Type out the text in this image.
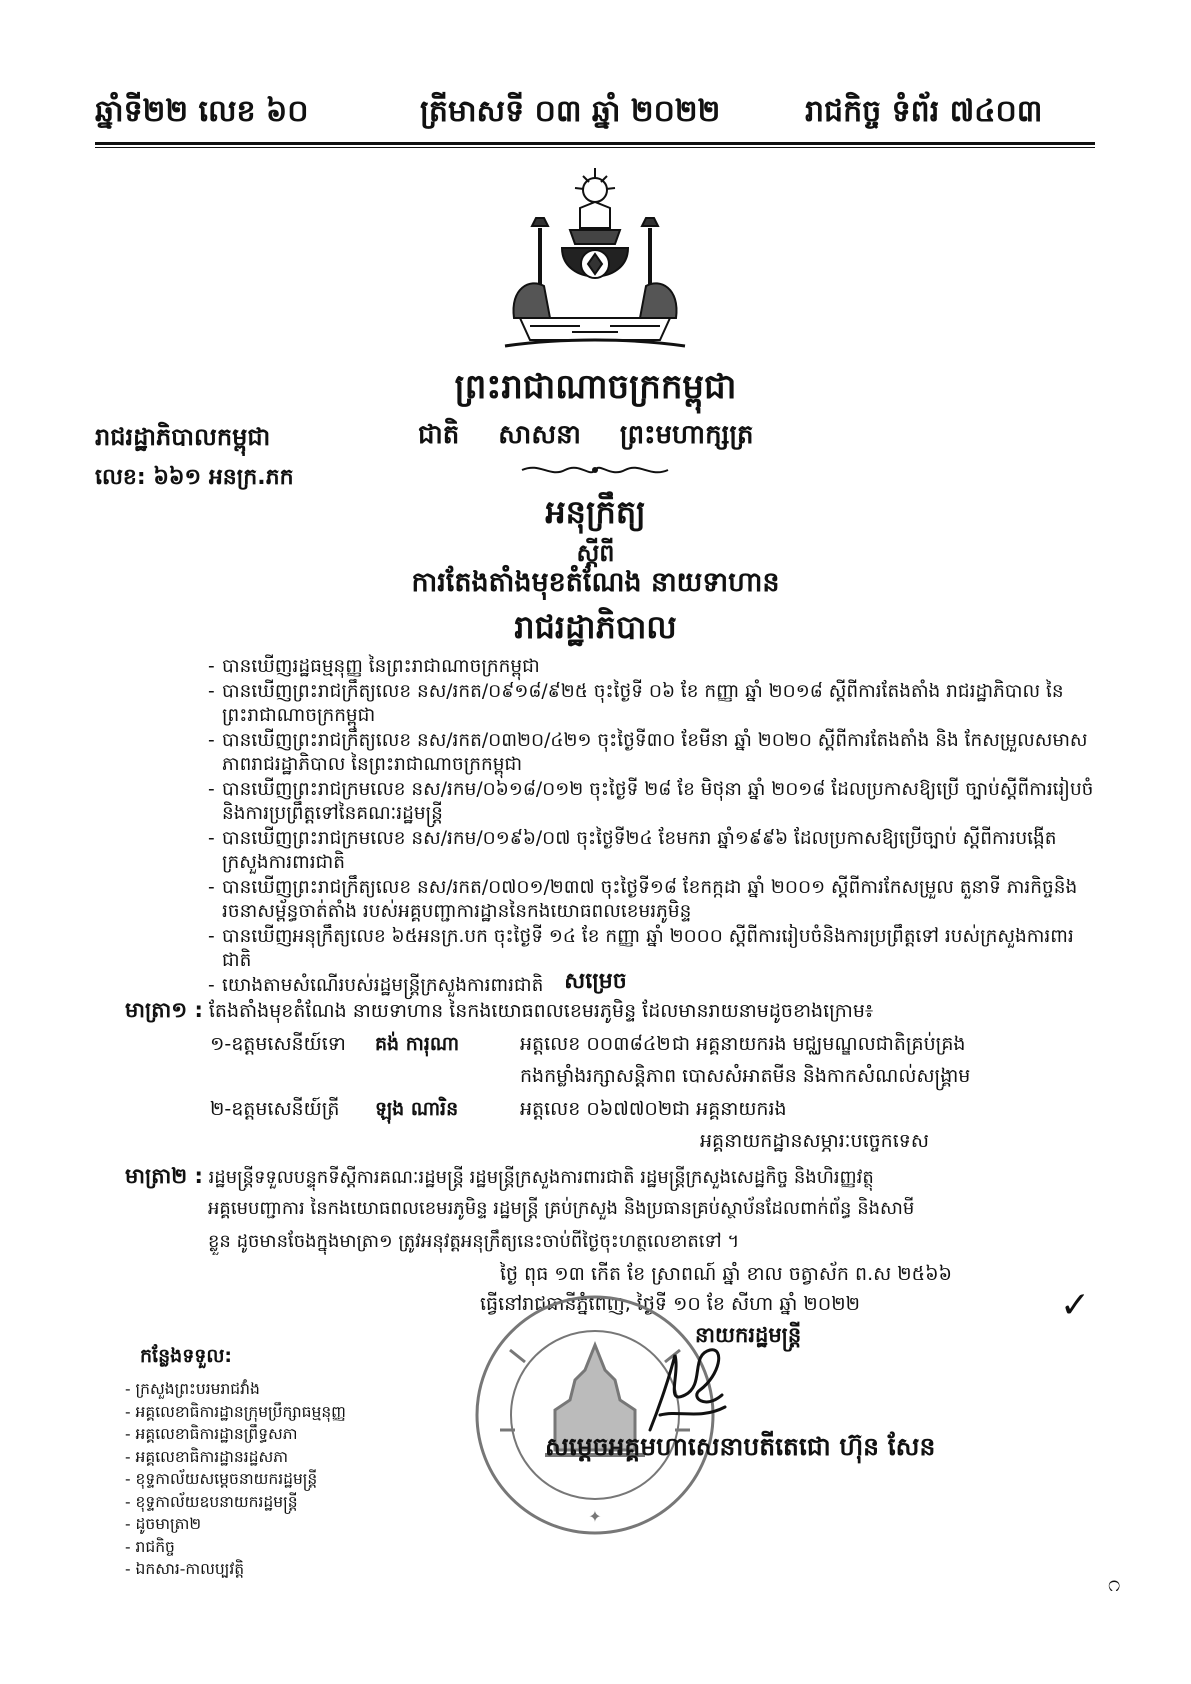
ឆ្នាំទី២២ លេខ ៦០	ត្រីមាសទី ០៣ ឆ្នាំ ២០២២	រាជកិច្ច ទំព័រ ៧៤០៣
ព្រះរាជាណាចក្រកម្ពុជា
ជាតិ សាសនា ព្រះមហាក្សត្រ
រាជរដ្ឋាភិបាលកម្ពុជា
លេខ: ៦៦១ អនក្រ.ភក
អនុក្រឹត្យ
ស្តីពី
ការតែងតាំងមុខតំណែង នាយទាហាន
រាជរដ្ឋាភិបាល
- បានឃើញរដ្ឋធម្មនុញ្ញ នៃព្រះរាជាណាចក្រកម្ពុជា
- បានឃើញព្រះរាជក្រឹត្យលេខ នស/រកត/០៩១៨/៩២៥ ចុះថ្ងៃទី ០៦ ខែ កញ្ញា ឆ្នាំ ២០១៨ ស្តីពីការតែងតាំង រាជរដ្ឋាភិបាល នៃព្រះរាជាណាចក្រកម្ពុជា
- បានឃើញព្រះរាជក្រឹត្យលេខ នស/រកត/០៣២០/៤២១ ចុះថ្ងៃទី៣០ ខែមីនា ឆ្នាំ ២០២០ ស្តីពីការតែងតាំង និង កែសម្រួលសមាសភាពរាជរដ្ឋាភិបាល នៃព្រះរាជាណាចក្រកម្ពុជា
- បានឃើញព្រះរាជក្រមលេខ នស/រកម/០៦១៨/០១២ ចុះថ្ងៃទី ២៨ ខែ មិថុនា ឆ្នាំ ២០១៨ ដែលប្រកាសឱ្យប្រើ ច្បាប់ស្តីពីការរៀបចំ និងការប្រព្រឹត្តទៅនៃគណៈរដ្ឋមន្ត្រី
- បានឃើញព្រះរាជក្រមលេខ នស/រកម/០១៩៦/០៧ ចុះថ្ងៃទី២៤ ខែមករា ឆ្នាំ១៩៩៦ ដែលប្រកាសឱ្យប្រើច្បាប់ ស្តីពីការបង្កើតក្រសួងការពារជាតិ
- បានឃើញព្រះរាជក្រឹត្យលេខ នស/រកត/០៧០១/២៣៧ ចុះថ្ងៃទី១៨ ខែកក្កដា ឆ្នាំ ២០០១ ស្តីពីការកែសម្រួល តួនាទី ភារកិច្ចនិងរចនាសម្ព័ន្ធចាត់តាំង របស់អគ្គបញ្ជាការដ្ឋាននៃកងយោធពលខេមរភូមិន្ទ
- បានឃើញអនុក្រឹត្យលេខ ៦៥អនក្រ.បក ចុះថ្ងៃទី ១៤ ខែ កញ្ញា ឆ្នាំ ២០០០ ស្តីពីការរៀបចំនិងការប្រព្រឹត្តទៅ របស់ក្រសួងការពារជាតិ
- យោងតាមសំណើរបស់រដ្ឋមន្ត្រីក្រសួងការពារជាតិ សម្រេច
មាត្រា១ : តែងតាំងមុខតំណែង នាយទាហាន នៃកងយោធពលខេមរភូមិន្ទ ដែលមានរាយនាមដូចខាងក្រោម៖
១-ឧត្តមសេនីយ៍ទោ គង់ ការុណា	អត្តលេខ ០០៣៨៤២ ជា អគ្គនាយករង មជ្ឈមណ្ឌលជាតិគ្រប់គ្រង
កងកម្លាំងរក្សាសន្តិភាព បោសសំអាតមីន និងកាកសំណល់សង្គ្រាម
២-ឧត្តមសេនីយ៍ត្រី ឡុង ណារិន	អត្តលេខ ០៦៧៧០២ ជា អគ្គនាយករង
អគ្គនាយកដ្ឋានសម្ភារៈបច្ចេកទេស
មាត្រា២ : រដ្ឋមន្ត្រីទទួលបន្ទុកទីស្តីការគណៈរដ្ឋមន្ត្រី រដ្ឋមន្ត្រីក្រសួងការពារជាតិ រដ្ឋមន្ត្រីក្រសួងសេដ្ឋកិច្ច និងហិរញ្ញវត្ថុ
អគ្គមេបញ្ជាការ នៃកងយោធពលខេមរភូមិន្ទ រដ្ឋមន្ត្រី គ្រប់ក្រសួង និងប្រធានគ្រប់ស្ថាប័នដែលពាក់ព័ន្ធ និងសាមី
ខ្លួន ដូចមានចែងក្នុងមាត្រា១ ត្រូវអនុវត្តអនុក្រឹត្យនេះចាប់ពីថ្ងៃចុះហត្ថលេខាតទៅ ។
ថ្ងៃ ពុធ ១៣ កើត ខែ ស្រាពណ៍ ឆ្នាំ ខាល ចត្វាស័ក ព.ស ២៥៦៦
ធ្វើនៅរាជធានីភ្នំពេញ, ថ្ងៃទី ១០ ខែ សីហា ឆ្នាំ ២០២២	✓
✦
នាយករដ្ឋមន្ត្រី
សម្តេចអគ្គមហាសេនាបតីតេជោ ហ៊ុន សែន
កន្លែងទទួល:
- ក្រសួងព្រះបរមរាជវាំង
- អគ្គលេខាធិការដ្ឋានក្រុមប្រឹក្សាធម្មនុញ្ញ
- អគ្គលេខាធិការដ្ឋានព្រឹទ្ធសភា
- អគ្គលេខាធិការដ្ឋានរដ្ឋសភា
- ខុទ្ទកាល័យសម្តេចនាយករដ្ឋមន្ត្រី
- ខុទ្ទកាល័យឧបនាយករដ្ឋមន្ត្រី
- ដូចមាត្រា២
- រាជកិច្ច
- ឯកសារ-កាលប្បវត្តិ
೧
